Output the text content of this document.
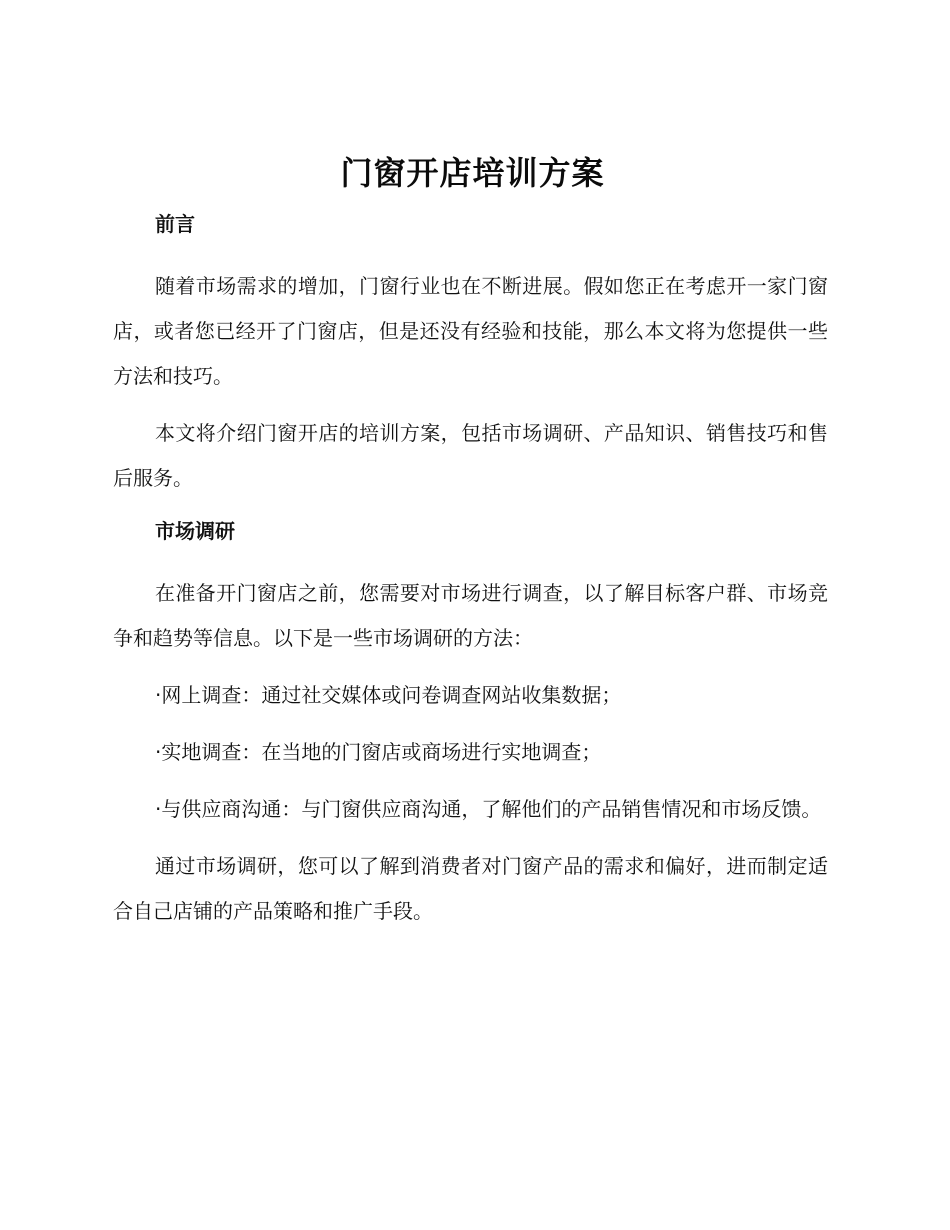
门窗开店培训方案
前言

随着市场需求的增加，门窗行业也在不断进展。假如您正在考虑开一家门窗店，或者您已经开了门窗店，但是还没有经验和技能，那么本文将为您提供一些方法和技巧。

本文将介绍门窗开店的培训方案，包括市场调研、产品知识、销售技巧和售后服务。

市场调研

在准备开门窗店之前，您需要对市场进行调查，以了解目标客户群、市场竞争和趋势等信息。以下是一些市场调研的方法：

·网上调查：通过社交媒体或问卷调查网站收集数据；
·实地调查：在当地的门窗店或商场进行实地调查；
·与供应商沟通：与门窗供应商沟通，了解他们的产品销售情况和市场反馈。

通过市场调研，您可以了解到消费者对门窗产品的需求和偏好，进而制定适合自己店铺的产品策略和推广手段。
